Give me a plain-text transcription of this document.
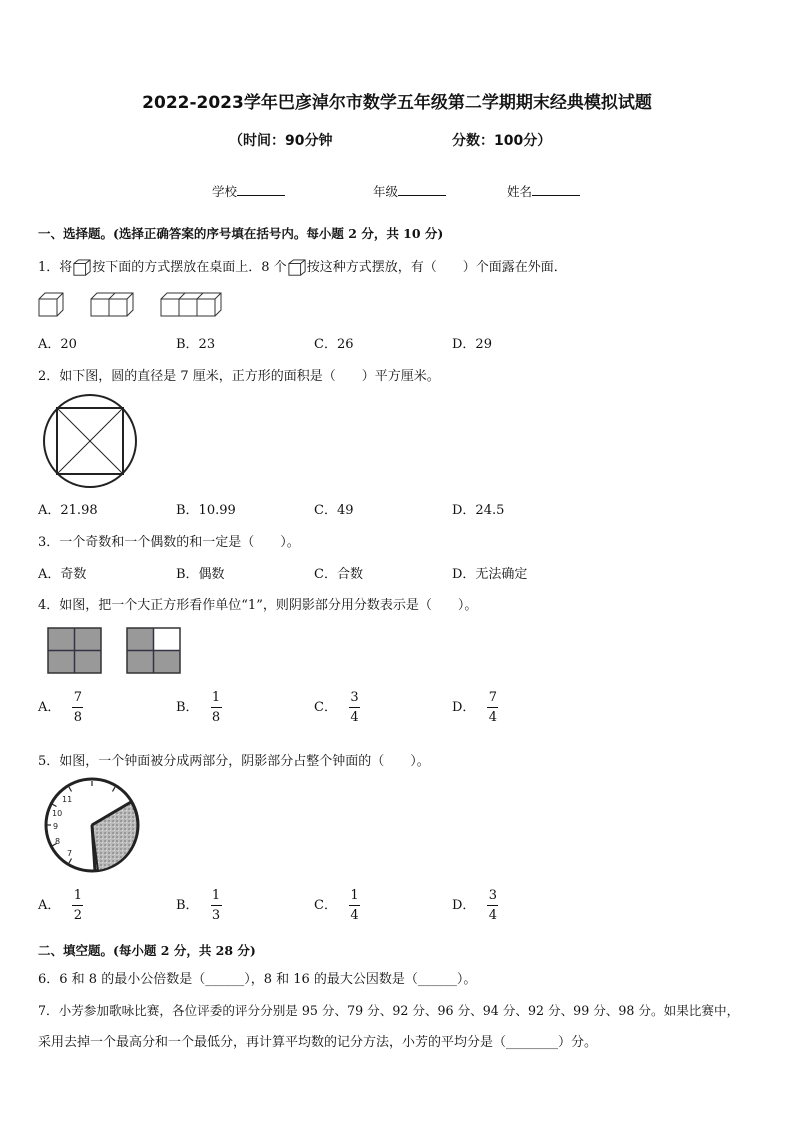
2022-2023学年巴彦淖尔市数学五年级第二学期期末经典模拟试题
（时间：90分钟	分数：100分）
学校	年级	姓名
一、选择题。(选择正确答案的序号填在括号内。每小题 2 分，共 10 分)
1．将 按下面的方式摆放在桌面上．8 个 按这种方式摆放，有（　　）个面露在外面．
A．20	B．23	C．26	D．29
2．如下图，圆的直径是 7 厘米，正方形的面积是（　　）平方厘米。
A．21.98	B．10.99	C．49	D．24.5
3．一个奇数和一个偶数的和一定是（　　）。
A．奇数	B．偶数	C．合数	D．无法确定
4．如图，把一个大正方形看作单位“1”，则阴影部分用分数表示是（　　）。
A． $\frac{7}{8}$	B． $\frac{1}{8}$	C． $\frac{3}{4}$	D． $\frac{7}{4}$
5．如图，一个钟面被分成两部分，阴影部分占整个钟面的（　　）。
11
10
9
8
7
A． $\frac{1}{2}$	B． $\frac{1}{3}$	C． $\frac{1}{4}$	D． $\frac{3}{4}$
二、填空题。(每小题 2 分，共 28 分)
6．6 和 8 的最小公倍数是（______），8 和 16 的最大公因数是（______）。
7．小芳参加歌咏比赛，各位评委的评分分别是 95 分、79 分、92 分、96 分、94 分、92 分、99 分、98 分。如果比赛中，
采用去掉一个最高分和一个最低分，再计算平均数的记分方法，小芳的平均分是（________）分。
